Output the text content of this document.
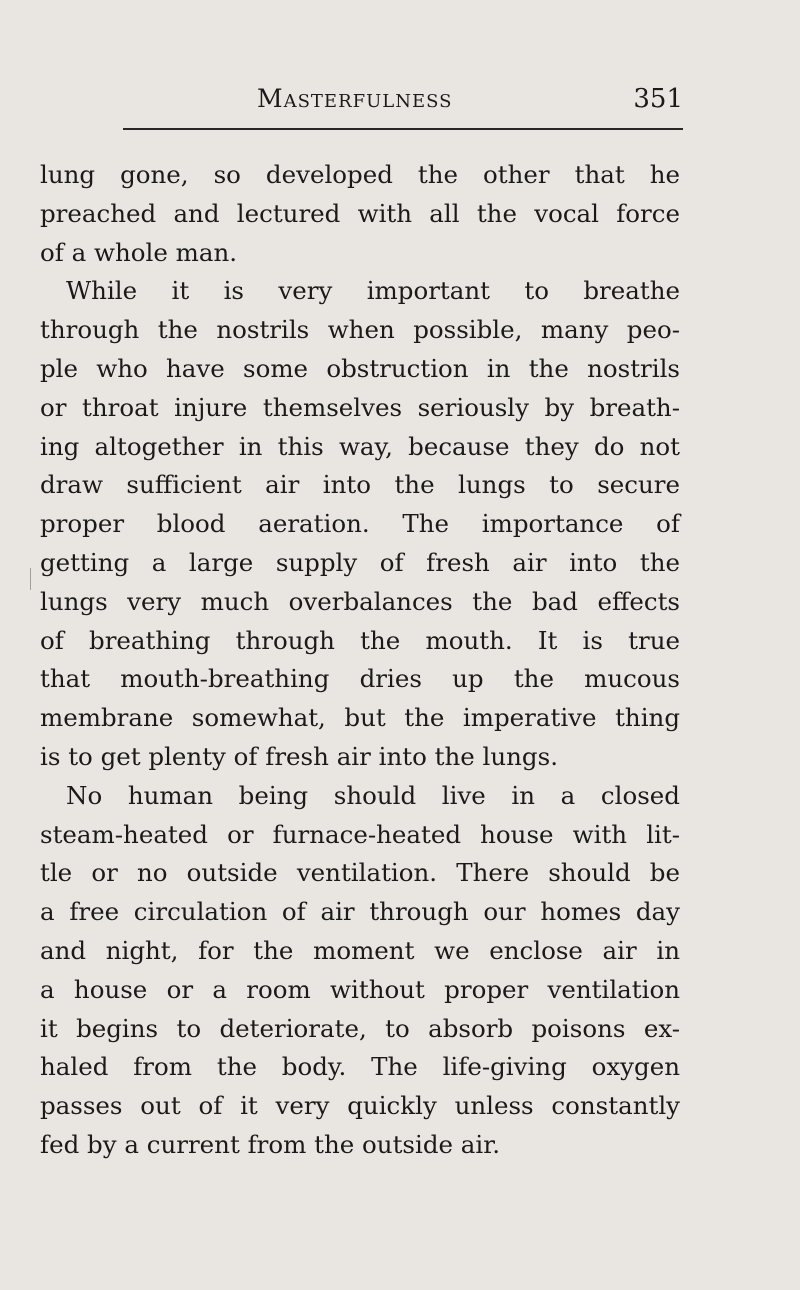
Masterfulness	351
lung gone, so developed the other that he
preached and lectured with all the vocal force
of a whole man.
While it is very important to breathe
through the nostrils when possible, many peo-
ple who have some obstruction in the nostrils
or throat injure themselves seriously by breath-
ing altogether in this way, because they do not
draw sufficient air into the lungs to secure
proper blood aeration. The importance of
getting a large supply of fresh air into the
lungs very much overbalances the bad effects
of breathing through the mouth. It is true
that mouth-breathing dries up the mucous
membrane somewhat, but the imperative thing
is to get plenty of fresh air into the lungs.
No human being should live in a closed
steam-heated or furnace-heated house with lit-
tle or no outside ventilation. There should be
a free circulation of air through our homes day
and night, for the moment we enclose air in
a house or a room without proper ventilation
it begins to deteriorate, to absorb poisons ex-
haled from the body. The life-giving oxygen
passes out of it very quickly unless constantly
fed by a current from the outside air.
